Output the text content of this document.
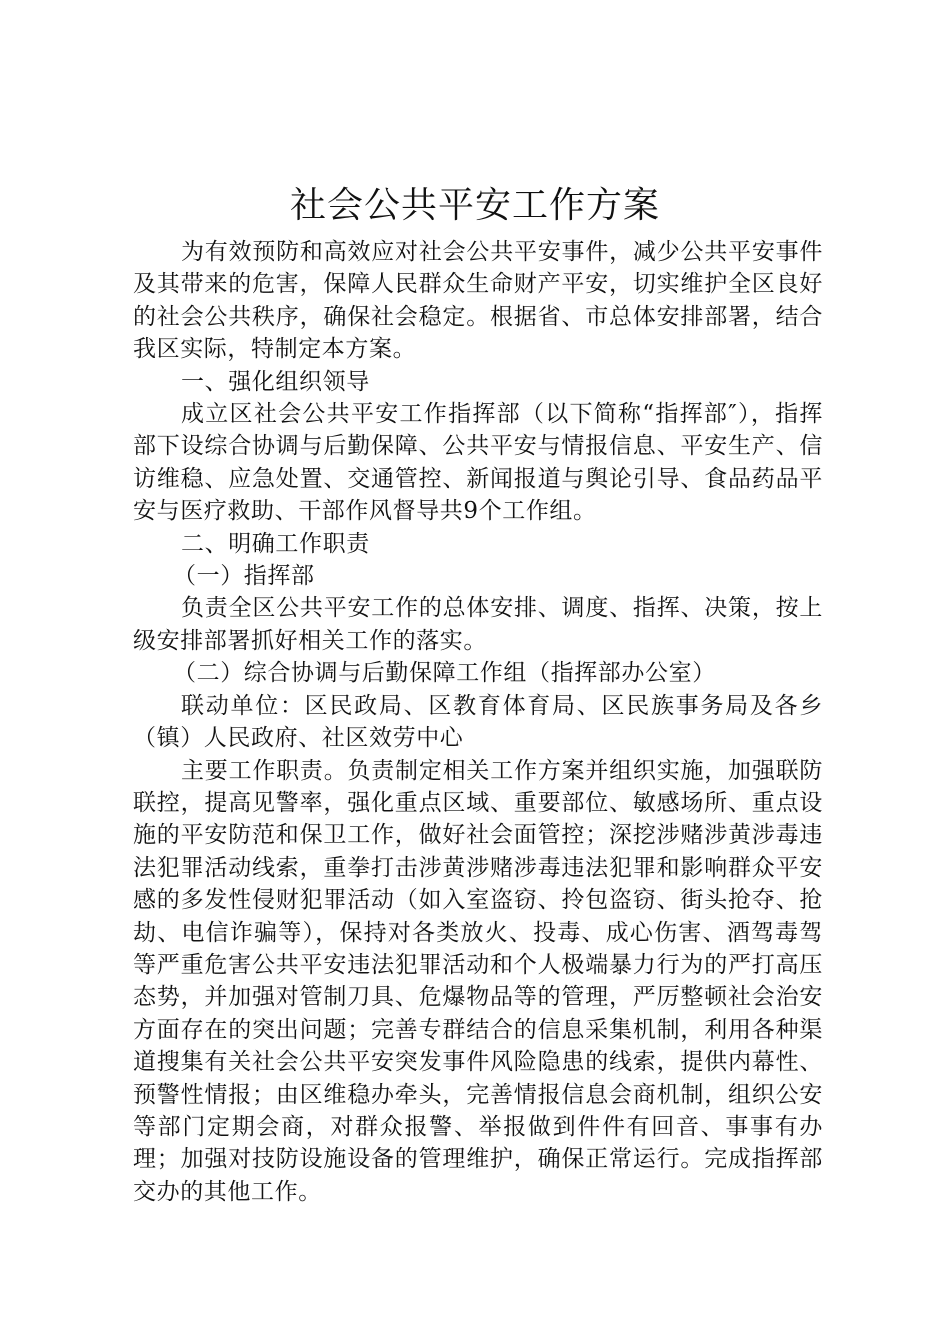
社会公共平安工作方案

为有效预防和高效应对社会公共平安事件，减少公共平安事件及其带来的危害，保障人民群众生命财产平安，切实维护全区良好的社会公共秩序，确保社会稳定。根据省、市总体安排部署，结合我区实际，特制定本方案。

一、强化组织领导

成立区社会公共平安工作指挥部（以下简称“指挥部″），指挥部下设综合协调与后勤保障、公共平安与情报信息、平安生产、信访维稳、应急处置、交通管控、新闻报道与舆论引导、食品药品平安与医疗救助、干部作风督导共9个工作组。

二、明确工作职责

（一）指挥部

负责全区公共平安工作的总体安排、调度、指挥、决策，按上级安排部署抓好相关工作的落实。

（二）综合协调与后勤保障工作组（指挥部办公室）

联动单位：区民政局、区教育体育局、区民族事务局及各乡（镇）人民政府、社区效劳中心

主要工作职责。负责制定相关工作方案并组织实施，加强联防联控，提高见警率，强化重点区域、重要部位、敏感场所、重点设施的平安防范和保卫工作，做好社会面管控；深挖涉赌涉黄涉毒违法犯罪活动线索，重拳打击涉黄涉赌涉毒违法犯罪和影响群众平安感的多发性侵财犯罪活动（如入室盗窃、拎包盗窃、街头抢夺、抢劫、电信诈骗等），保持对各类放火、投毒、成心伤害、酒驾毒驾等严重危害公共平安违法犯罪活动和个人极端暴力行为的严打高压态势，并加强对管制刀具、危爆物品等的管理，严厉整顿社会治安方面存在的突出问题；完善专群结合的信息采集机制，利用各种渠道搜集有关社会公共平安突发事件风险隐患的线索，提供内幕性、预警性情报；由区维稳办牵头，完善情报信息会商机制，组织公安等部门定期会商，对群众报警、举报做到件件有回音、事事有办理；加强对技防设施设备的管理维护，确保正常运行。完成指挥部交办的其他工作。
